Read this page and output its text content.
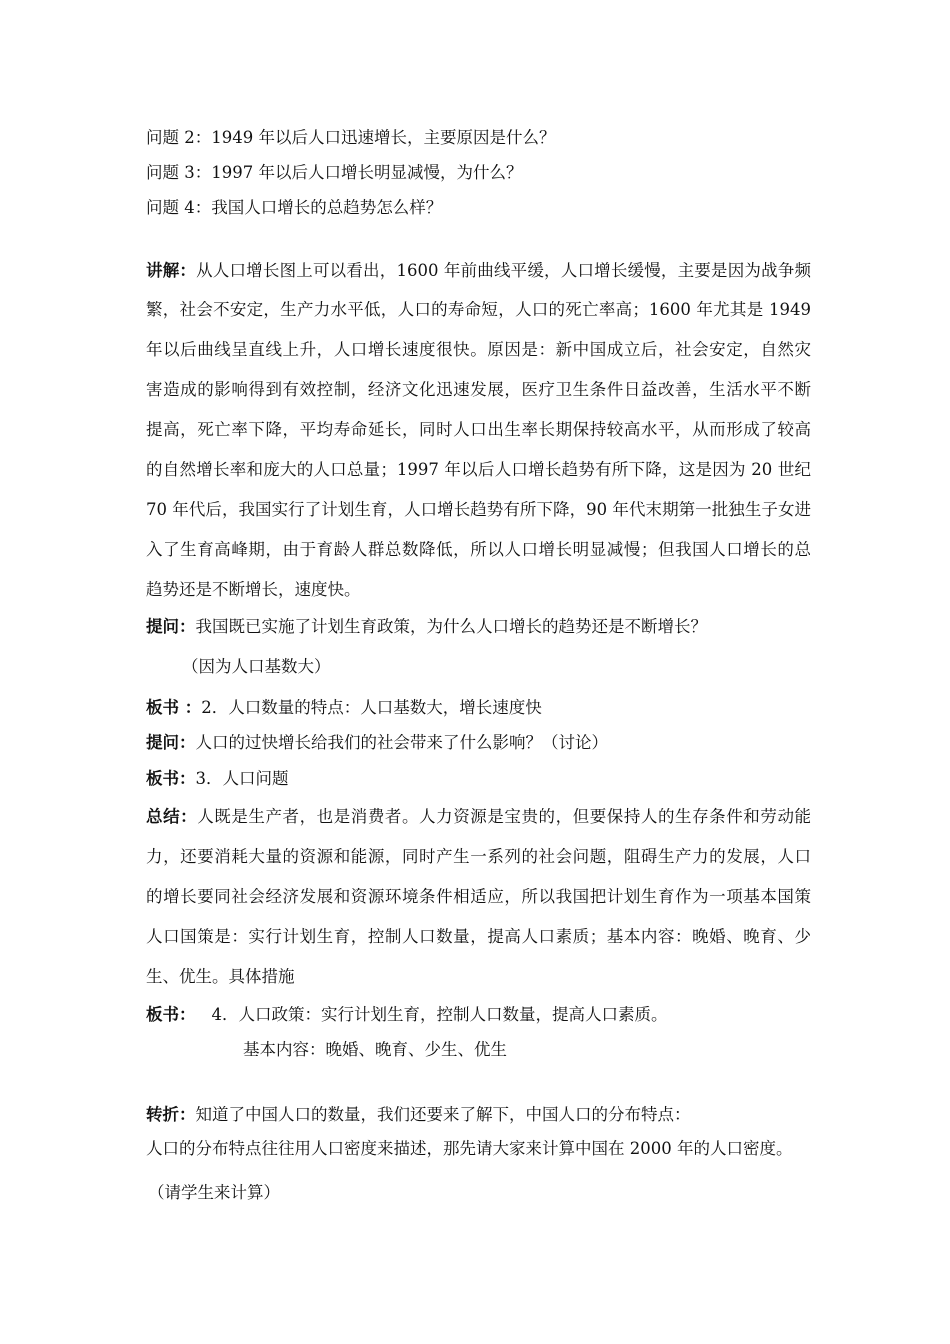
问题 2：1949 年以后人口迅速增长，主要原因是什么？
问题 3：1997 年以后人口增长明显减慢，为什么？
问题 4：我国人口增长的总趋势怎么样？
讲解：从人口增长图上可以看出，1600 年前曲线平缓，人口增长缓慢，主要是因为战争频
繁，社会不安定，生产力水平低，人口的寿命短，人口的死亡率高；1600 年尤其是 1949
年以后曲线呈直线上升，人口增长速度很快。原因是：新中国成立后，社会安定，自然灾
害造成的影响得到有效控制，经济文化迅速发展，医疗卫生条件日益改善，生活水平不断
提高，死亡率下降，平均寿命延长，同时人口出生率长期保持较高水平，从而形成了较高
的自然增长率和庞大的人口总量；1997 年以后人口增长趋势有所下降，这是因为 20 世纪
70 年代后，我国实行了计划生育，人口增长趋势有所下降，90 年代末期第一批独生子女进
入了生育高峰期，由于育龄人群总数降低，所以人口增长明显减慢；但我国人口增长的总
趋势还是不断增长，速度快。
提问：我国既已实施了计划生育政策，为什么人口增长的趋势还是不断增长？
（因为人口基数大）
板书 ：2．人口数量的特点：人口基数大，增长速度快
提问：人口的过快增长给我们的社会带来了什么影响？（讨论）
板书：3．人口问题
总结：人既是生产者，也是消费者。人力资源是宝贵的，但要保持人的生存条件和劳动能
力，还要消耗大量的资源和能源，同时产生一系列的社会问题，阻碍生产力的发展，人口
的增长要同社会经济发展和资源环境条件相适应，所以我国把计划生育作为一项基本国策
人口国策是：实行计划生育，控制人口数量，提高人口素质；基本内容：晚婚、晚育、少
生、优生。具体措施
板书： 4．人口政策：实行计划生育，控制人口数量，提高人口素质。
基本内容：晚婚、晚育、少生、优生
转折：知道了中国人口的数量，我们还要来了解下，中国人口的分布特点：
人口的分布特点往往用人口密度来描述，那先请大家来计算中国在 2000 年的人口密度。
（请学生来计算）
